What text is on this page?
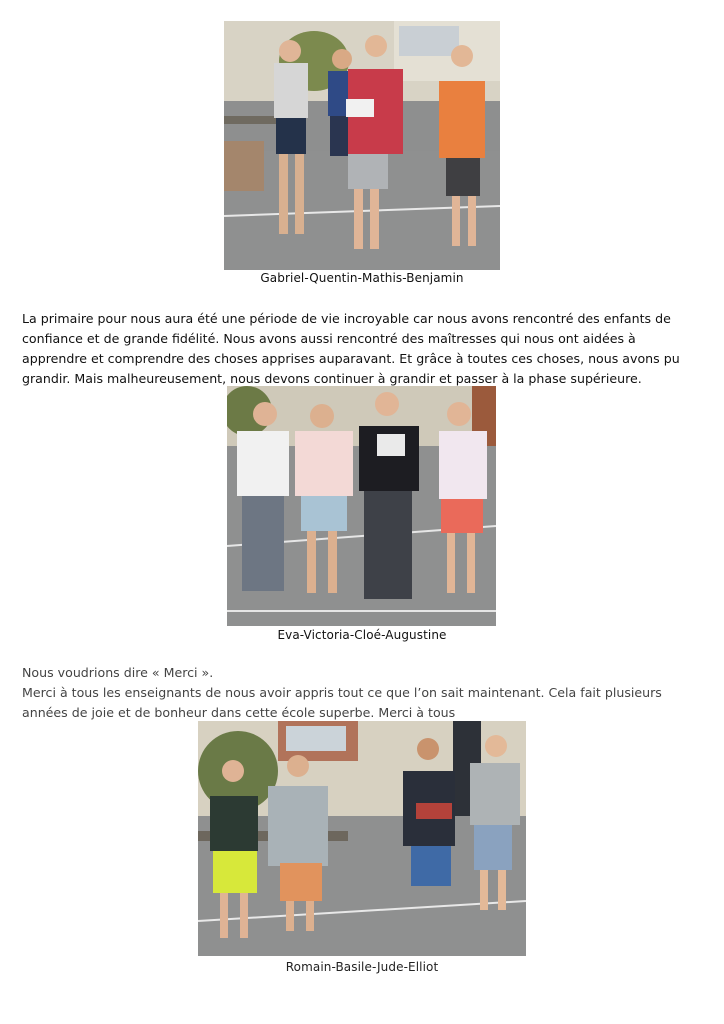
Gabriel-Quentin-Mathis-Benjamin
La primaire pour nous aura été une période de vie incroyable car nous avons rencontré des enfants de
confiance et de grande fidélité. Nous avons aussi rencontré des maîtresses qui nous ont aidées à
apprendre et comprendre des choses apprises auparavant. Et grâce à toutes ces choses, nous avons pu
grandir. Mais malheureusement, nous devons continuer à grandir et passer à la phase supérieure.
Eva-Victoria-Cloé-Augustine
Nous voudrions dire « Merci ».
Merci à tous les enseignants de nous avoir appris tout ce que l’on sait maintenant. Cela fait plusieurs
années de joie et de bonheur dans cette école superbe. Merci à tous
Romain-Basile-Jude-Elliot
